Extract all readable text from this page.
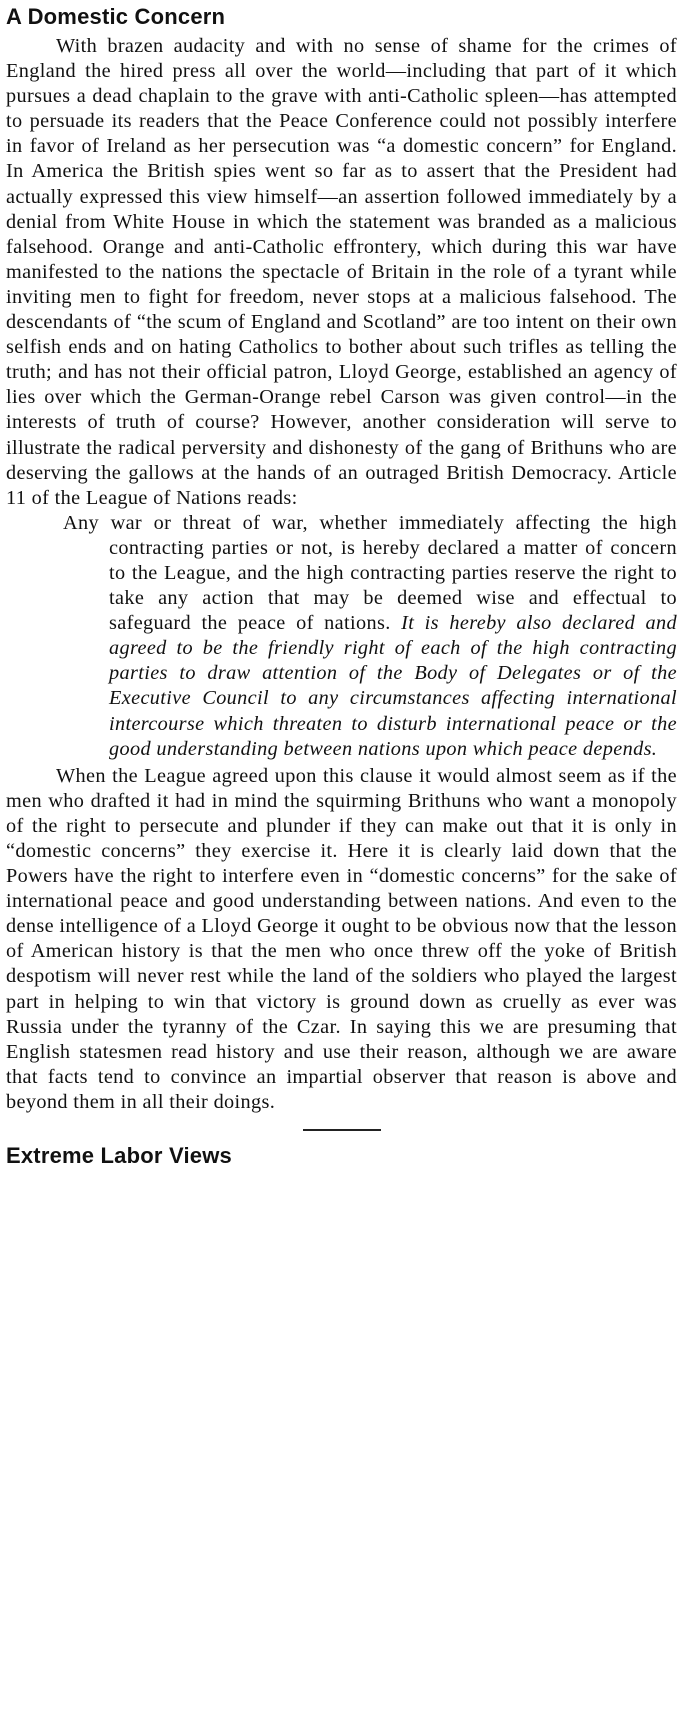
A Domestic Concern

With brazen audacity and with no sense of shame for the crimes of England the hired press all over the world—including that part of it which pursues a dead chaplain to the grave with anti-Catholic spleen—has attempted to persuade its readers that the Peace Conference could not possibly interfere in favor of Ireland as her persecution was “a domestic concern” for England. In America the British spies went so far as to assert that the President had actually expressed this view himself—an assertion followed immediately by a denial from White House in which the statement was branded as a malicious falsehood. Orange and anti-Catholic effrontery, which during this war have manifested to the nations the spectacle of Britain in the role of a tyrant while inviting men to fight for freedom, never stops at a malicious falsehood. The descendants of “the scum of England and Scotland” are too intent on their own selfish ends and on hating Catholics to bother about such trifles as telling the truth; and has not their official patron, Lloyd George, established an agency of lies over which the German-Orange rebel Carson was given control—in the interests of truth of course? However, another consideration will serve to illustrate the radical perversity and dishonesty of the gang of Brithuns who are deserving the gallows at the hands of an outraged British Democracy. Article 11 of the League of Nations reads:

Any war or threat of war, whether immediately affecting the high contracting parties or not, is hereby declared a matter of concern to the League, and the high contracting parties reserve the right to take any action that may be deemed wise and effectual to safeguard the peace of nations. It is hereby also declared and agreed to be the friendly right of each of the high contracting parties to draw attention of the Body of Delegates or of the Executive Council to any circumstances affecting international intercourse which threaten to disturb international peace or the good understanding between nations upon which peace depends.

When the League agreed upon this clause it would almost seem as if the men who drafted it had in mind the squirming Brithuns who want a monopoly of the right to persecute and plunder if they can make out that it is only in “domestic concerns” they exercise it. Here it is clearly laid down that the Powers have the right to interfere even in “domestic concerns” for the sake of international peace and good understanding between nations. And even to the dense intelligence of a Lloyd George it ought to be obvious now that the lesson of American history is that the men who once threw off the yoke of British despotism will never rest while the land of the soldiers who played the largest part in helping to win that victory is ground down as cruelly as ever was Russia under the tyranny of the Czar. In saying this we are presuming that English statesmen read history and use their reason, although we are aware that facts tend to convince an impartial observer that reason is above and beyond them in all their doings.

Extreme Labor Views
